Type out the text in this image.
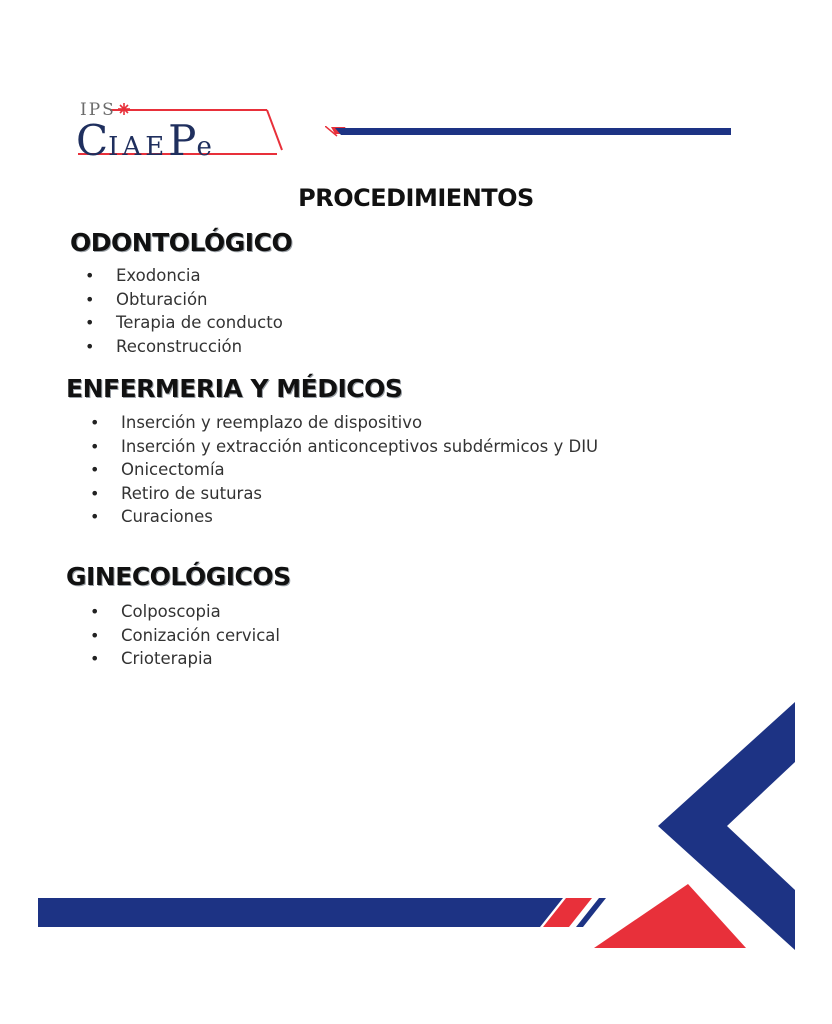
IPS
CIAEPe
PROCEDIMIENTOS
ODONTOLÓGICO
• Exodoncia
• Obturación
• Terapia de conducto
• Reconstrucción
ENFERMERIA Y MÉDICOS
• Inserción y reemplazo de dispositivo
• Inserción y extracción anticonceptivos subdérmicos y DIU
• Onicectomía
• Retiro de suturas
• Curaciones
GINECOLÓGICOS
• Colposcopia
• Conización cervical
• Crioterapia
